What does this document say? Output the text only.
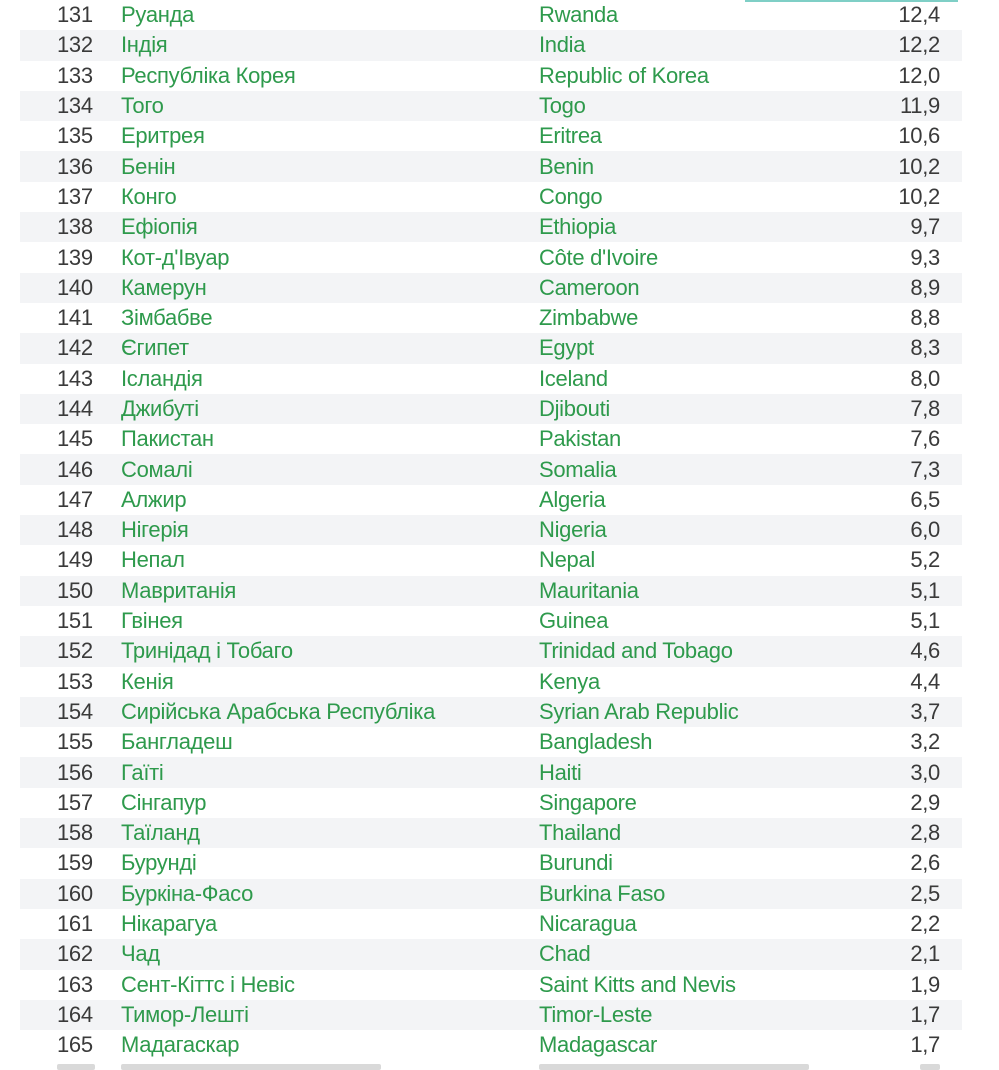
131	Руанда	Rwanda	12,4
132	Індія	India	12,2
133	Республіка Корея	Republic of Korea	12,0
134	Того	Togo	11,9
135	Еритрея	Eritrea	10,6
136	Бенін	Benin	10,2
137	Конго	Congo	10,2
138	Ефіопія	Ethiopia	9,7
139	Кот-д'Івуар	Côte d'Ivoire	9,3
140	Камерун	Cameroon	8,9
141	Зімбабве	Zimbabwe	8,8
142	Єгипет	Egypt	8,3
143	Ісландія	Iceland	8,0
144	Джибуті	Djibouti	7,8
145	Пакистан	Pakistan	7,6
146	Сомалі	Somalia	7,3
147	Алжир	Algeria	6,5
148	Нігерія	Nigeria	6,0
149	Непал	Nepal	5,2
150	Мавританія	Mauritania	5,1
151	Гвінея	Guinea	5,1
152	Тринідад і Тобаго	Trinidad and Tobago	4,6
153	Кенія	Kenya	4,4
154	Сирійська Арабська Республіка	Syrian Arab Republic	3,7
155	Бангладеш	Bangladesh	3,2
156	Гаїті	Haiti	3,0
157	Сінгапур	Singapore	2,9
158	Таїланд	Thailand	2,8
159	Бурунді	Burundi	2,6
160	Буркіна-Фасо	Burkina Faso	2,5
161	Нікарагуа	Nicaragua	2,2
162	Чад	Chad	2,1
163	Сент-Кіттс і Невіс	Saint Kitts and Nevis	1,9
164	Тимор-Лешті	Timor-Leste	1,7
165	Мадагаскар	Madagascar	1,7
